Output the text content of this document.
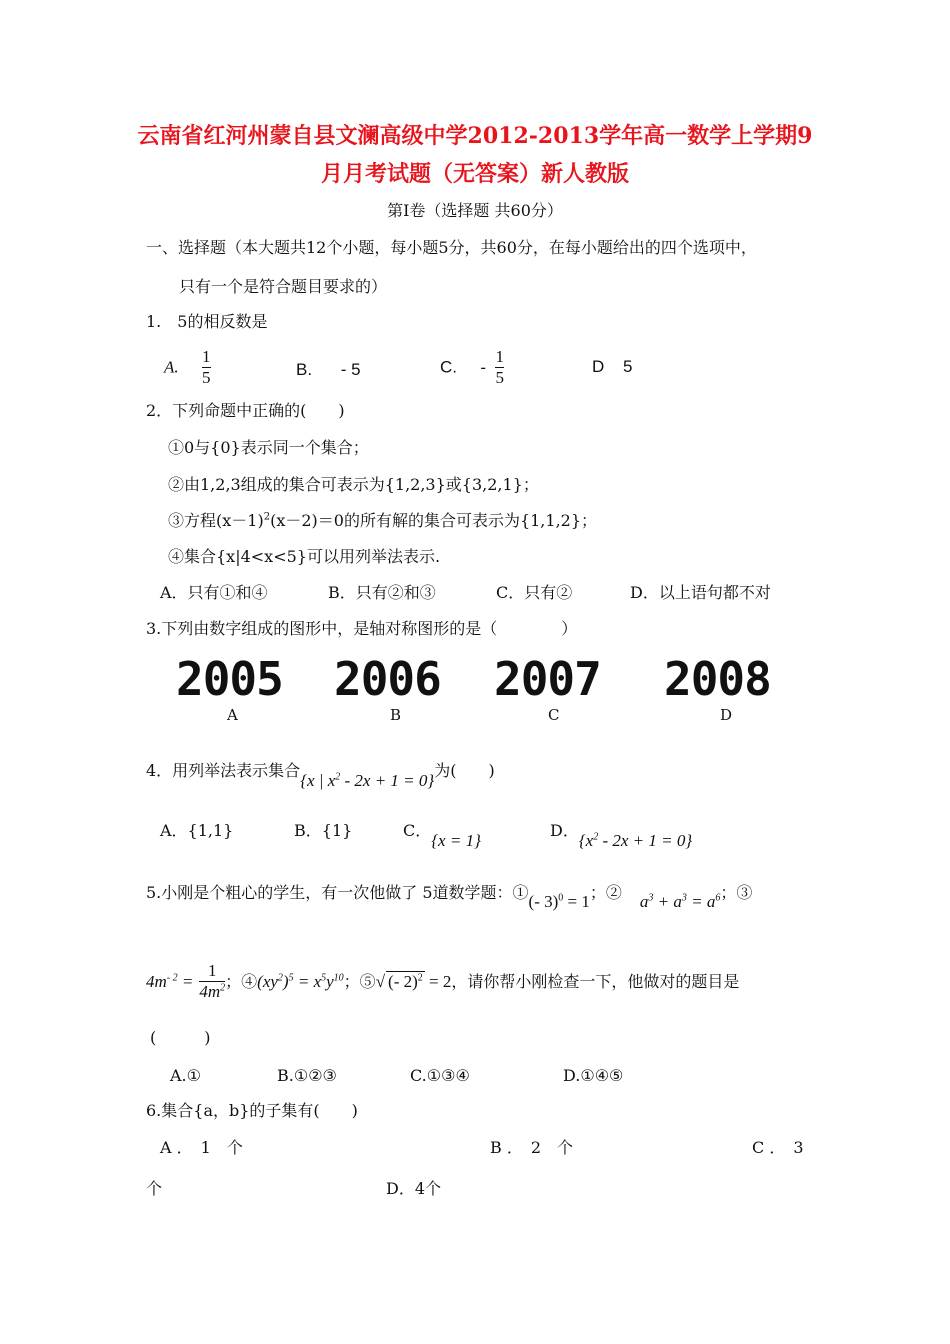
云南省红河州蒙自县文澜高级中学2012-2013学年高一数学上学期9
月月考试题（无答案）新人教版
第Ⅰ卷（选择题 共60分）
一、选择题（本大题共12个小题，每小题5分，共60分，在每小题给出的四个选项中，
只有一个是符合题目要求的）
1.　5的相反数是
A. $\frac{1}{5}$	B. - 5	C. - $\frac{1}{5}$	D 5
2．下列命题中正确的(　　)
①0与{0}表示同一个集合；
②由1,2,3组成的集合可表示为{1,2,3}或{3,2,1}；
③方程$(x-1)^2(x-2)=0$的所有解的集合可表示为{1,1,2}；
④集合{x|4<x<5}可以用列举法表示.
A．只有①和④	B．只有②和③	C．只有②	D．以上语句都不对
3.下列由数字组成的图形中，是轴对称图形的是（　　　　）
2005 2006 2007 2008
A	B	C	D
4．用列举法表示集合{x | $x^2 - 2x + 1 = 0$}为(　　)
A．{1,1}	B．{1}	C．{x = 1}
D．$\{x^2 - 2x + 1 = 0\}$
5.小刚是个粗心的学生，有一次他做了 5道数学题：①(- 3)$^0$ = 1；② $a^3 + a^3 = a^6$；③
$4m^{- 2} = \frac{1}{4m^2}$ ；④ $(xy^2)^5 = x^5y^{10}$ ；⑤ √ (- 2)$^2$ = 2 ，请你帮小刚检查一下，他做对的题目是
(　　　)
A.①	B.①②③	C.①③④	D.①④⑤
6.集合{a，b}的子集有(　　)
A ．　1　个	B ．　2　个	C ．　3
个	D．4个
